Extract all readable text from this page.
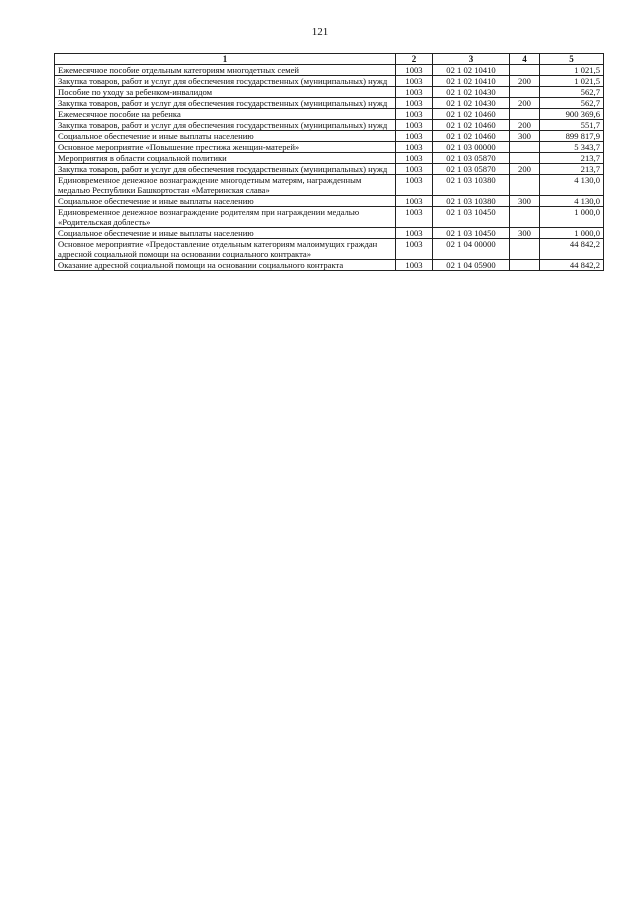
121
1	2	3	4	5
Ежемесячное пособие отдельным категориям многодетных семей	1003	02 1 02 10410		1 021,5
Закупка товаров, работ и услуг для обеспечения государственных (муниципальных) нужд	1003	02 1 02 10410	200	1 021,5
Пособие по уходу за ребенком-инвалидом	1003	02 1 02 10430		562,7
Закупка товаров, работ и услуг для обеспечения государственных (муниципальных) нужд	1003	02 1 02 10430	200	562,7
Ежемесячное пособие на ребенка	1003	02 1 02 10460		900 369,6
Закупка товаров, работ и услуг для обеспечения государственных (муниципальных) нужд	1003	02 1 02 10460	200	551,7
Социальное обеспечение и иные выплаты населению	1003	02 1 02 10460	300	899 817,9
Основное мероприятие «Повышение престижа женщин-матерей»	1003	02 1 03 00000		5 343,7
Мероприятия в области социальной политики	1003	02 1 03 05870		213,7
Закупка товаров, работ и услуг для обеспечения государственных (муниципальных) нужд	1003	02 1 03 05870	200	213,7
Единовременное денежное вознаграждение многодетным матерям, награжденным медалью Республики Башкортостан «Материнская слава»	1003	02 1 03 10380		4 130,0
Социальное обеспечение и иные выплаты населению	1003	02 1 03 10380	300	4 130,0
Единовременное денежное вознаграждение родителям при награждении медалью «Родительская доблесть»	1003	02 1 03 10450		1 000,0
Социальное обеспечение и иные выплаты населению	1003	02 1 03 10450	300	1 000,0
Основное мероприятие «Предоставление отдельным категориям малоимущих граждан адресной социальной помощи на основании социального контракта»	1003	02 1 04 00000		44 842,2
Оказание адресной социальной помощи на основании социального контракта	1003	02 1 04 05900		44 842,2
